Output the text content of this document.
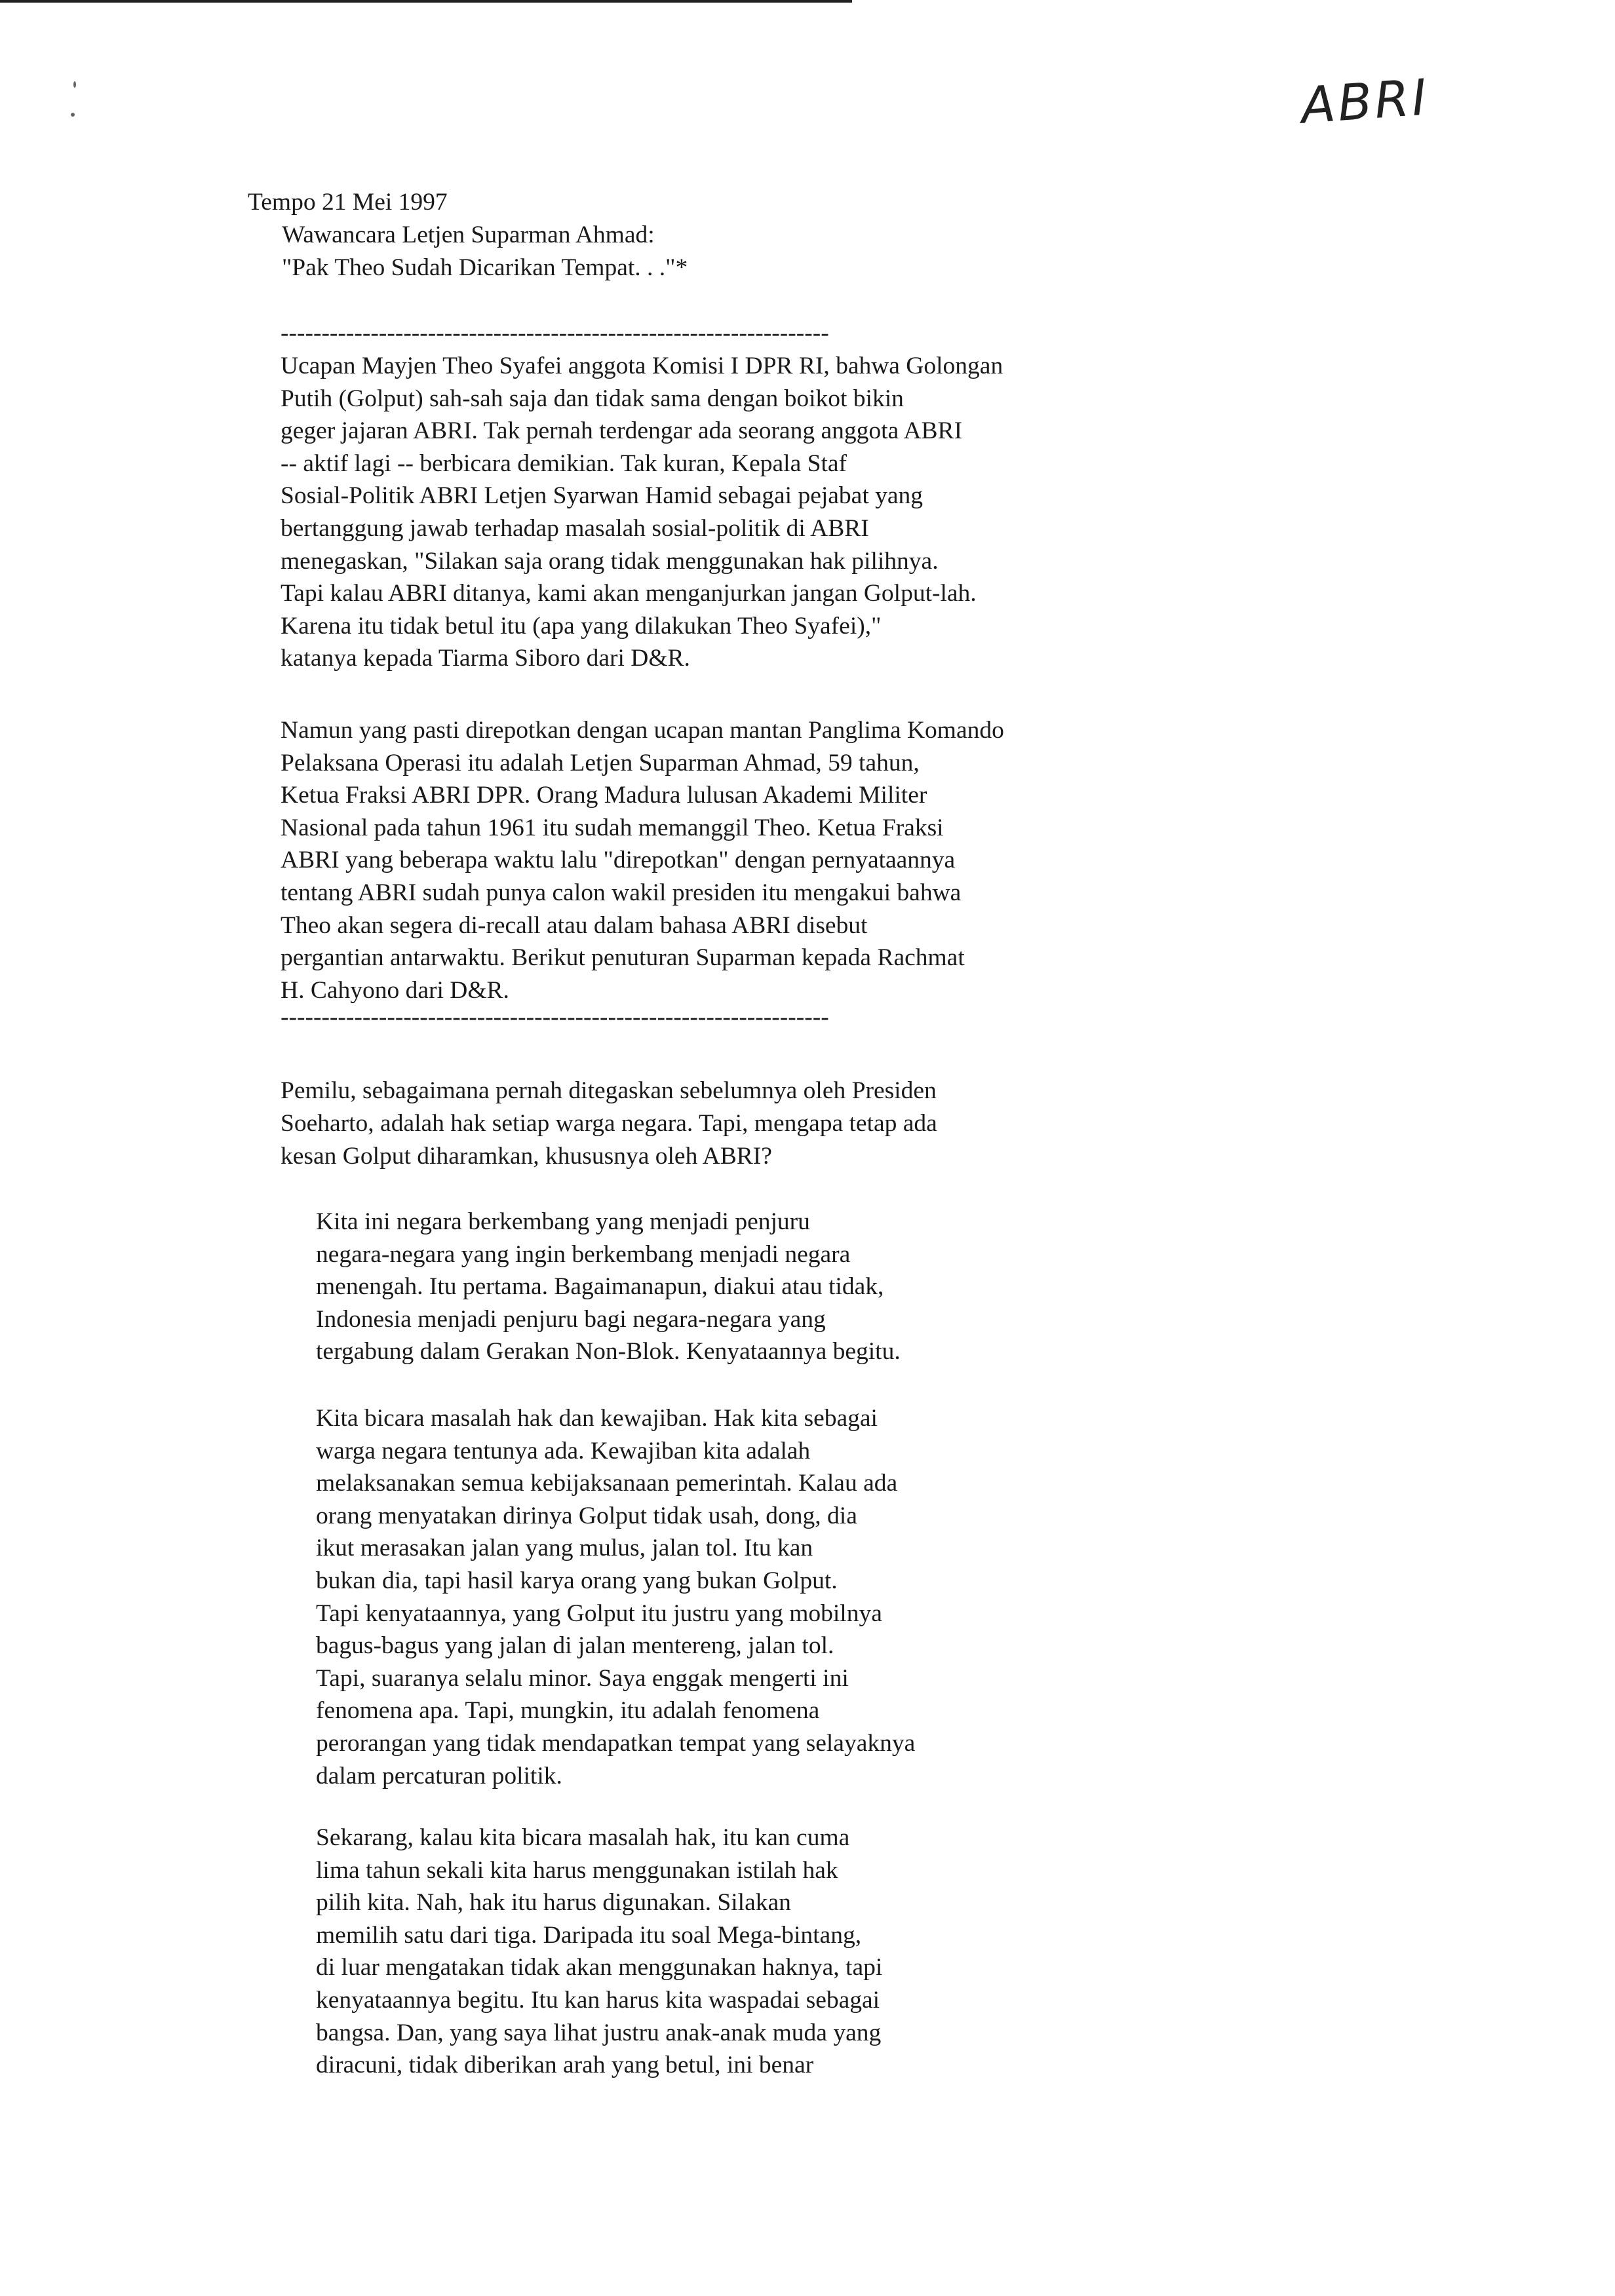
ABRI
Tempo 21 Mei 1997
Wawancara Letjen Suparman Ahmad:
"Pak Theo Sudah Dicarikan Tempat. . ."*
-------------------------------------------------------------------
Ucapan Mayjen Theo Syafei anggota Komisi I DPR RI, bahwa Golongan
Putih (Golput) sah-sah saja dan tidak sama dengan boikot bikin
geger jajaran ABRI. Tak pernah terdengar ada seorang anggota ABRI
-- aktif lagi -- berbicara demikian. Tak kuran, Kepala Staf
Sosial-Politik ABRI Letjen Syarwan Hamid sebagai pejabat yang
bertanggung jawab terhadap masalah sosial-politik di ABRI
menegaskan, "Silakan saja orang tidak menggunakan hak pilihnya.
Tapi kalau ABRI ditanya, kami akan menganjurkan jangan Golput-lah.
Karena itu tidak betul itu (apa yang dilakukan Theo Syafei),"
katanya kepada Tiarma Siboro dari D&R.
Namun yang pasti direpotkan dengan ucapan mantan Panglima Komando
Pelaksana Operasi itu adalah Letjen Suparman Ahmad, 59 tahun,
Ketua Fraksi ABRI DPR. Orang Madura lulusan Akademi Militer
Nasional pada tahun 1961 itu sudah memanggil Theo. Ketua Fraksi
ABRI yang beberapa waktu lalu "direpotkan" dengan pernyataannya
tentang ABRI sudah punya calon wakil presiden itu mengakui bahwa
Theo akan segera di-recall atau dalam bahasa ABRI disebut
pergantian antarwaktu. Berikut penuturan Suparman kepada Rachmat
H. Cahyono dari D&R.
-------------------------------------------------------------------
Pemilu, sebagaimana pernah ditegaskan sebelumnya oleh Presiden
Soeharto, adalah hak setiap warga negara. Tapi, mengapa tetap ada
kesan Golput diharamkan, khususnya oleh ABRI?
Kita ini negara berkembang yang menjadi penjuru
negara-negara yang ingin berkembang menjadi negara
menengah. Itu pertama. Bagaimanapun, diakui atau tidak,
Indonesia menjadi penjuru bagi negara-negara yang
tergabung dalam Gerakan Non-Blok. Kenyataannya begitu.
Kita bicara masalah hak dan kewajiban. Hak kita sebagai
warga negara tentunya ada. Kewajiban kita adalah
melaksanakan semua kebijaksanaan pemerintah. Kalau ada
orang menyatakan dirinya Golput tidak usah, dong, dia
ikut merasakan jalan yang mulus, jalan tol. Itu kan
bukan dia, tapi hasil karya orang yang bukan Golput.
Tapi kenyataannya, yang Golput itu justru yang mobilnya
bagus-bagus yang jalan di jalan mentereng, jalan tol.
Tapi, suaranya selalu minor. Saya enggak mengerti ini
fenomena apa. Tapi, mungkin, itu adalah fenomena
perorangan yang tidak mendapatkan tempat yang selayaknya
dalam percaturan politik.
Sekarang, kalau kita bicara masalah hak, itu kan cuma
lima tahun sekali kita harus menggunakan istilah hak
pilih kita. Nah, hak itu harus digunakan. Silakan
memilih satu dari tiga. Daripada itu soal Mega-bintang,
di luar mengatakan tidak akan menggunakan haknya, tapi
kenyataannya begitu. Itu kan harus kita waspadai sebagai
bangsa. Dan, yang saya lihat justru anak-anak muda yang
diracuni, tidak diberikan arah yang betul, ini benar
